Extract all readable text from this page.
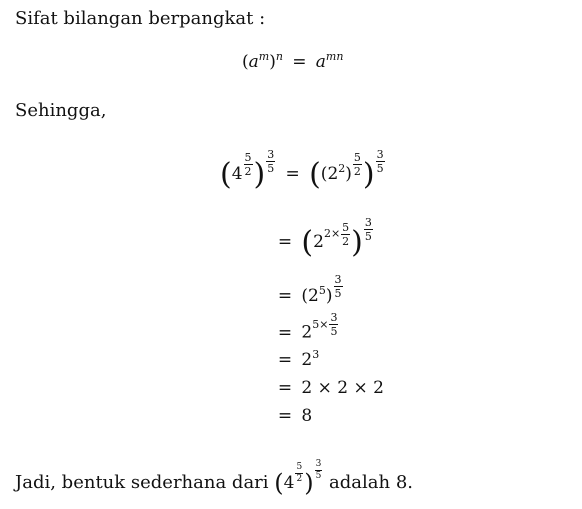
Sifat bilangan berpangkat :
$(a^m)^n = a^{mn}$
Sehingga,
($4 \frac{5}{2}$ ) $\frac{3}{5} = ((2^2) \frac{5}{2}$ ) $\frac{3}{5}$
= ($2^{2\times \frac{5}{2}}$ ) $\frac{3}{5}$
= $(2^5) \frac{3}{5}$
= $2^{5\times \frac{3}{5}}$
= $2^3$
= 2 × 2 × 2
= 8
Jadi, bentuk sederhana dari ($4 \frac{5}{2}$ ) $\frac{3}{5}$
adalah 8.
